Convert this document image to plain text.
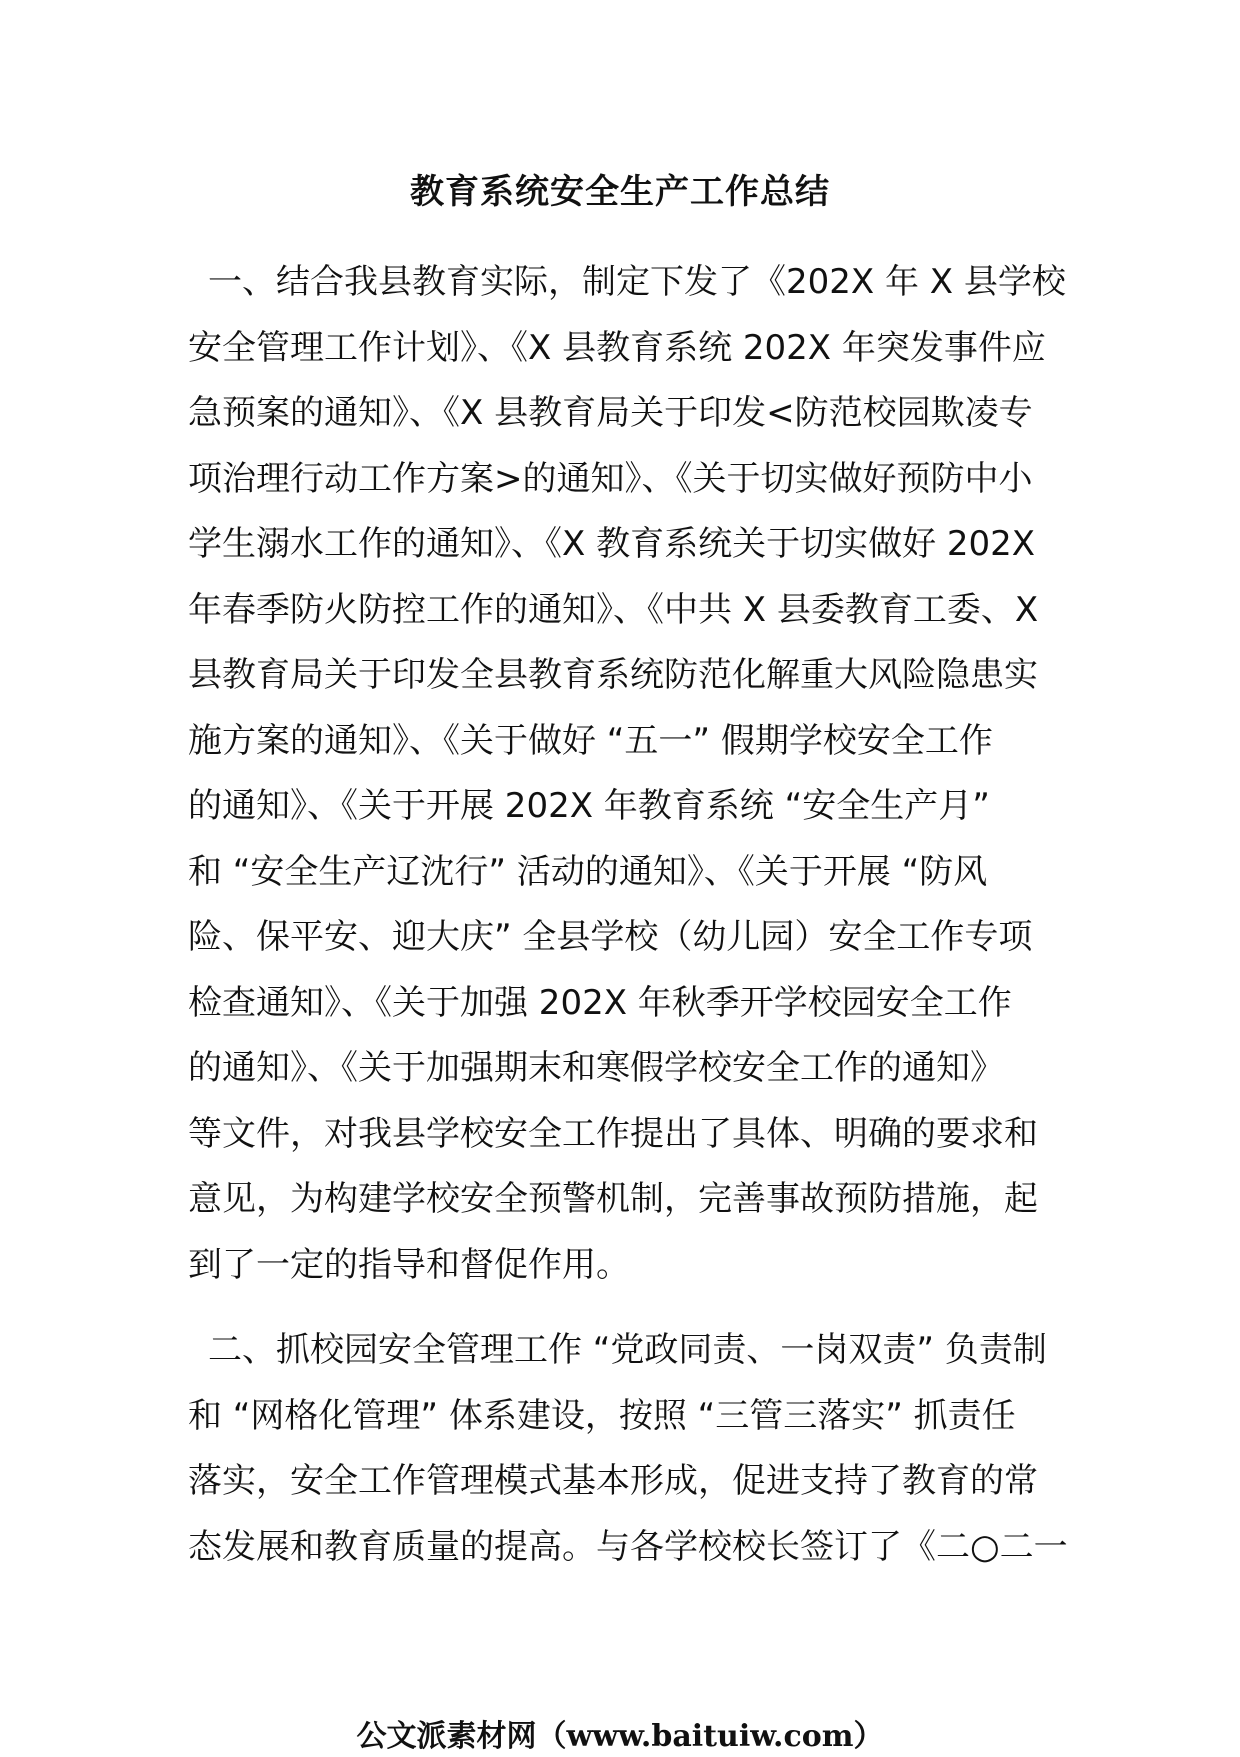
教育系统安全生产工作总结
一、结合我县教育实际，制定下发了《202X 年 X 县学校
安全管理工作计划》、《X 县教育系统 202X 年突发事件应
急预案的通知》、《X 县教育局关于印发<防范校园欺凌专
项治理行动工作方案>的通知》、《关于切实做好预防中小
学生溺水工作的通知》、《X 教育系统关于切实做好 202X
年春季防火防控工作的通知》、《中共 X 县委教育工委、X
县教育局关于印发全县教育系统防范化解重大风险隐患实
施方案的通知》、《关于做好 “五一” 假期学校安全工作
的通知》、《关于开展 202X 年教育系统 “安全生产月”
和 “安全生产辽沈行” 活动的通知》、《关于开展 “防风
险、保平安、迎大庆” 全县学校（幼儿园）安全工作专项
检查通知》、《关于加强 202X 年秋季开学校园安全工作
的通知》、《关于加强期末和寒假学校安全工作的通知》
等文件，对我县学校安全工作提出了具体、明确的要求和
意见，为构建学校安全预警机制，完善事故预防措施，起
到了一定的指导和督促作用。
二、抓校园安全管理工作 “党政同责、一岗双责” 负责制
和 “网格化管理” 体系建设，按照 “三管三落实” 抓责任
落实，安全工作管理模式基本形成，促进支持了教育的常
态发展和教育质量的提高。与各学校校长签订了《二○二一

公文派素材网（www.baituiw.com）
